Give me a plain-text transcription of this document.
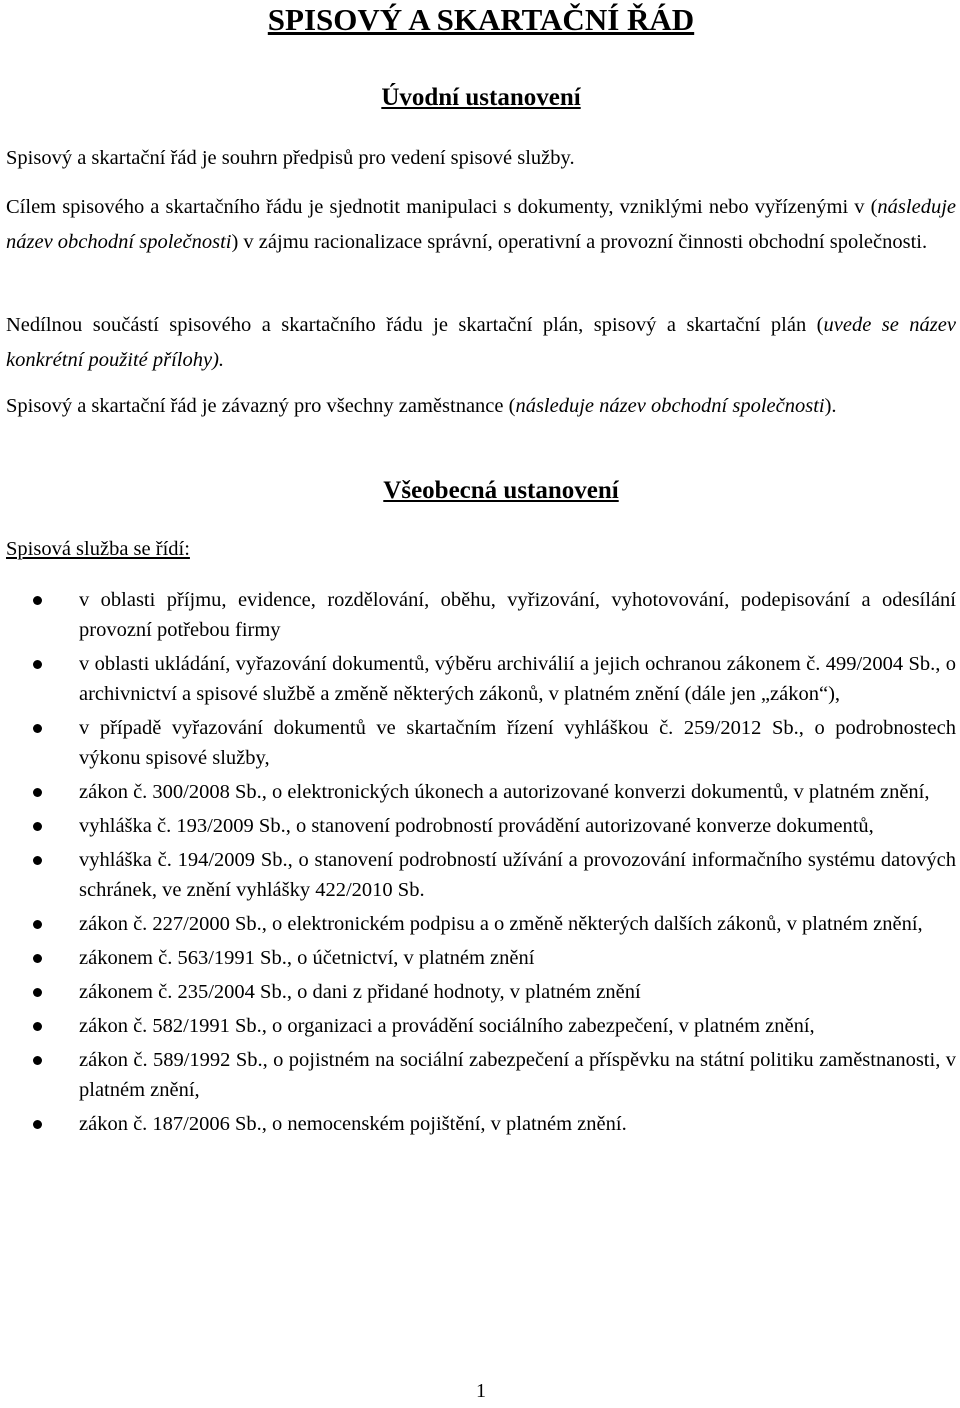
SPISOVÝ A SKARTAČNÍ ŘÁD
Úvodní ustanovení

Spisový a skartační řád je souhrn předpisů pro vedení spisové služby.

Cílem spisového a skartačního řádu je sjednotit manipulaci s dokumenty, vzniklými nebo vyřízenými v (následuje název obchodní společnosti) v zájmu racionalizace správní, operativní a provozní činnosti obchodní společnosti.

Nedílnou součástí spisového a skartačního řádu je skartační plán, spisový a skartační plán (uvede se název konkrétní použité přílohy).

Spisový a skartační řád je závazný pro všechny zaměstnance (následuje název obchodní společnosti).

Všeobecná ustanovení

Spisová služba se řídí:

v oblasti příjmu, evidence, rozdělování, oběhu, vyřizování, vyhotovování, podepisování a odesílání provozní potřebou firmy
v oblasti ukládání, vyřazování dokumentů, výběru archiválií a jejich ochranou zákonem č. 499/2004 Sb., o archivnictví a spisové službě a změně některých zákonů, v platném znění (dále jen „zákon“),
v případě vyřazování dokumentů ve skartačním řízení vyhláškou č. 259/2012 Sb., o podrobnostech výkonu spisové služby,
zákon č. 300/2008 Sb., o elektronických úkonech a autorizované konverzi dokumentů, v platném znění,
vyhláška č. 193/2009 Sb., o stanovení podrobností provádění autorizované konverze dokumentů,
vyhláška č. 194/2009 Sb., o stanovení podrobností užívání a provozování informačního systému datových schránek, ve znění vyhlášky 422/2010 Sb.
zákon č. 227/2000 Sb., o elektronickém podpisu a o změně některých dalších zákonů, v platném znění,
zákonem č. 563/1991 Sb., o účetnictví, v platném znění
zákonem č. 235/2004 Sb., o dani z přidané hodnoty, v platném znění
zákon č. 582/1991 Sb., o organizaci a provádění sociálního zabezpečení, v platném znění,
zákon č. 589/1992 Sb., o pojistném na sociální zabezpečení a příspěvku na státní politiku zaměstnanosti, v platném znění,
zákon č. 187/2006 Sb., o nemocenském pojištění, v platném znění.

1
